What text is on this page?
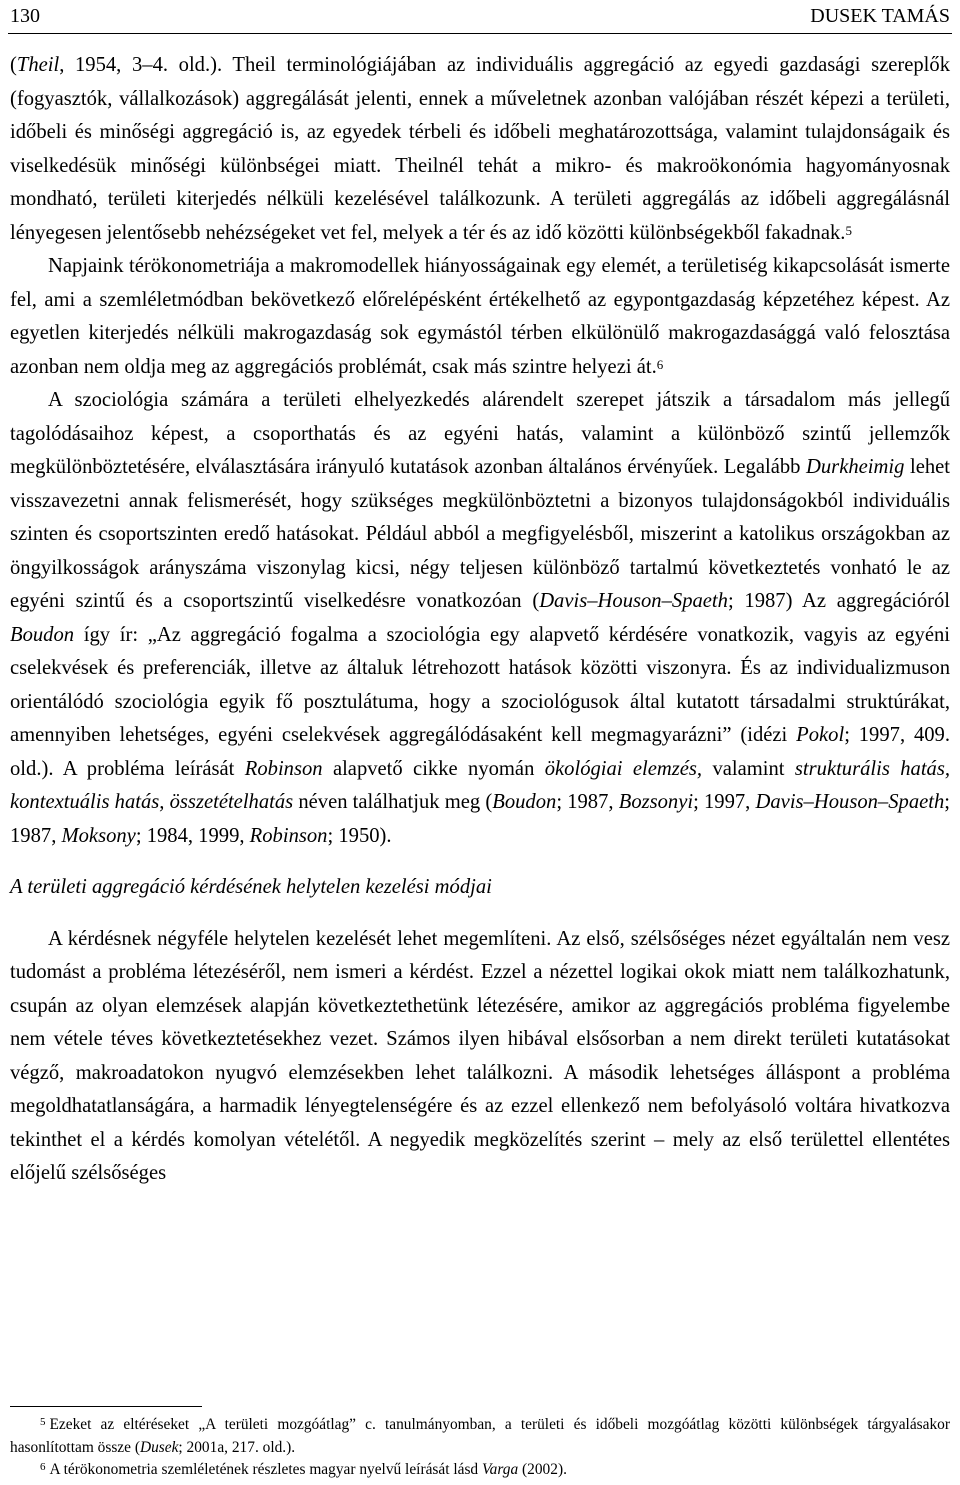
130	DUSEK TAMÁS

(Theil, 1954, 3–4. old.). Theil terminológiájában az individuális aggregáció az egyedi gazdasági szereplők (fogyasztók, vállalkozások) aggregálását jelenti, ennek a műveletnek azonban valójában részét képezi a területi, időbeli és minőségi aggregáció is, az egyedek térbeli és időbeli meghatározottsága, valamint tulajdonságaik és viselkedésük minőségi különbségei miatt. Theilnél tehát a mikro- és makroökonómia hagyományosnak mondható, területi kiterjedés nélküli kezelésével találkozunk. A területi aggregálás az időbeli aggregálásnál lényegesen jelentősebb nehézségeket vet fel, melyek a tér és az idő közötti különbségekből fakadnak.$^5$

Napjaink térökonometriája a makromodellek hiányosságainak egy elemét, a területiség kikapcsolását ismerte fel, ami a szemléletmódban bekövetkező előrelépésként értékelhető az egypontgazdaság képzetéhez képest. Az egyetlen kiterjedés nélküli makrogazdaság sok egymástól térben elkülönülő makrogazdasággá való felosztása azonban nem oldja meg az aggregációs problémát, csak más szintre helyezi át.$^6$

A szociológia számára a területi elhelyezkedés alárendelt szerepet játszik a társadalom más jellegű tagolódásaihoz képest, a csoporthatás és az egyéni hatás, valamint a különböző szintű jellemzők megkülönböztetésére, elválasztására irányuló kutatások azonban általános érvényűek. Legalább Durkheimig lehet visszavezetni annak felismerését, hogy szükséges megkülönböztetni a bizonyos tulajdonságokból individuális szinten és csoportszinten eredő hatásokat. Például abból a megfigyelésből, miszerint a katolikus országokban az öngyilkosságok arányszáma viszonylag kicsi, négy teljesen különböző tartalmú következtetés vonható le az egyéni szintű és a csoportszintű viselkedésre vonatkozóan (Davis–Houson–Spaeth; 1987) Az aggregációról Boudon így ír: „Az aggregáció fogalma a szociológia egy alapvető kérdésére vonatkozik, vagyis az egyéni cselekvések és preferenciák, illetve az általuk létrehozott hatások közötti viszonyra. És az individualizmuson orientálódó szociológia egyik fő posztulátuma, hogy a szociológusok által kutatott társadalmi struktúrákat, amennyiben lehetséges, egyéni cselekvések aggregálódásaként kell megmagyarázni” (idézi Pokol; 1997, 409. old.). A probléma leírását Robinson alapvető cikke nyomán ökológiai elemzés, valamint strukturális hatás, kontextuális hatás, összetételhatás néven találhatjuk meg (Boudon; 1987, Bozsonyi; 1997, Davis–Houson–Spaeth; 1987, Moksony; 1984, 1999, Robinson; 1950).

A területi aggregáció kérdésének helytelen kezelési módjai

A kérdésnek négyféle helytelen kezelését lehet megemlíteni. Az első, szélsőséges nézet egyáltalán nem vesz tudomást a probléma létezéséről, nem ismeri a kérdést. Ezzel a nézettel logikai okok miatt nem találkozhatunk, csupán az olyan elemzések alapján következtethetünk létezésére, amikor az aggregációs probléma figyelembe nem vétele téves következtetésekhez vezet. Számos ilyen hibával elsősorban a nem direkt területi kutatásokat végző, makroadatokon nyugvó elemzésekben lehet találkozni. A második lehetséges álláspont a probléma megoldhatatlanságára, a harmadik lényegtelenségére és az ezzel ellenkező nem befolyásoló voltára hivatkozva tekinthet el a kérdés komolyan vételétől. A negyedik megközelítés szerint – mely az első területtel ellentétes előjelű szélsőséges

$^5$ Ezeket az eltéréseket „A területi mozgóátlag” c. tanulmányomban, a területi és időbeli mozgóátlag közötti különbségek tárgyalásakor hasonlítottam össze (Dusek; 2001a, 217. old.).

$^6$ A térökonometria szemléletének részletes magyar nyelvű leírását lásd Varga (2002).
